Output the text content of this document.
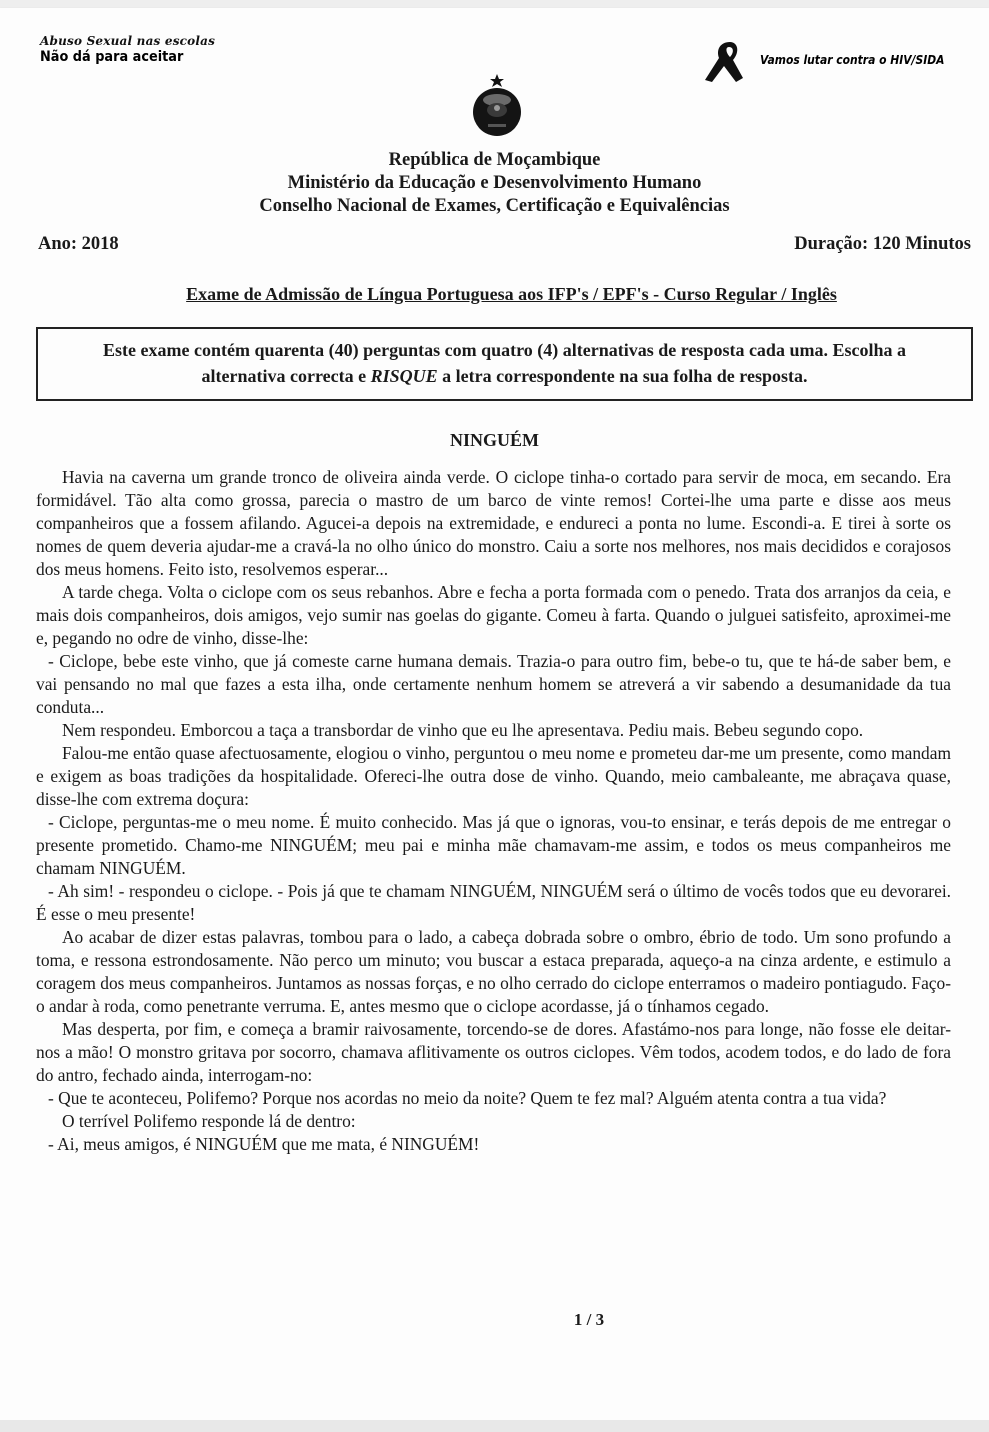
Abuso Sexual nas escolas
Não dá para aceitar	Vamos lutar contra o HIV/SIDA
República de Moçambique
Ministério da Educação e Desenvolvimento Humano
Conselho Nacional de Exames, Certificação e Equivalências
Ano: 2018	Duração: 120 Minutos
Exame de Admissão de Língua Portuguesa aos IFP's / EPF's - Curso Regular / Inglês
Este exame contém quarenta (40) perguntas com quatro (4) alternativas de resposta cada uma. Escolha a
alternativa correcta e RISQUE a letra correspondente na sua folha de resposta.
NINGUÉM

Havia na caverna um grande tronco de oliveira ainda verde. O ciclope tinha-o cortado para servir de moca, em secando. Era formidável. Tão alta como grossa, parecia o mastro de um barco de vinte remos! Cortei-lhe uma parte e disse aos meus companheiros que a fossem afilando. Agucei-a depois na extremidade, e endureci a ponta no lume. Escondi-a. E tirei à sorte os nomes de quem deveria ajudar-me a cravá-la no olho único do monstro. Caiu a sorte nos melhores, nos mais decididos e corajosos dos meus homens. Feito isto, resolvemos esperar...

A tarde chega. Volta o ciclope com os seus rebanhos. Abre e fecha a porta formada com o penedo. Trata dos arranjos da ceia, e mais dois companheiros, dois amigos, vejo sumir nas goelas do gigante. Comeu à farta. Quando o julguei satisfeito, aproximei-me e, pegando no odre de vinho, disse-lhe:

- Ciclope, bebe este vinho, que já comeste carne humana demais. Trazia-o para outro fim, bebe-o tu, que te há-de saber bem, e vai pensando no mal que fazes a esta ilha, onde certamente nenhum homem se atreverá a vir sabendo a desumanidade da tua conduta...

Nem respondeu. Emborcou a taça a transbordar de vinho que eu lhe apresentava. Pediu mais. Bebeu segundo copo.

Falou-me então quase afectuosamente, elogiou o vinho, perguntou o meu nome e prometeu dar-me um presente, como mandam e exigem as boas tradições da hospitalidade. Ofereci-lhe outra dose de vinho. Quando, meio cambaleante, me abraçava quase, disse-lhe com extrema doçura:

- Ciclope, perguntas-me o meu nome. É muito conhecido. Mas já que o ignoras, vou-to ensinar, e terás depois de me entregar o presente prometido. Chamo-me NINGUÉM; meu pai e minha mãe chamavam-me assim, e todos os meus companheiros me chamam NINGUÉM.

- Ah sim! - respondeu o ciclope. - Pois já que te chamam NINGUÉM, NINGUÉM será o último de vocês todos que eu devorarei. É esse o meu presente!

Ao acabar de dizer estas palavras, tombou para o lado, a cabeça dobrada sobre o ombro, ébrio de todo. Um sono profundo a toma, e ressona estrondosamente. Não perco um minuto; vou buscar a estaca preparada, aqueço-a na cinza ardente, e estimulo a coragem dos meus companheiros. Juntamos as nossas forças, e no olho cerrado do ciclope enterramos o madeiro pontiagudo. Faço-o andar à roda, como penetrante verruma. E, antes mesmo que o ciclope acordasse, já o tínhamos cegado.

Mas desperta, por fim, e começa a bramir raivosamente, torcendo-se de dores. Afastámo-nos para longe, não fosse ele deitar-nos a mão! O monstro gritava por socorro, chamava aflitivamente os outros ciclopes. Vêm todos, acodem todos, e do lado de fora do antro, fechado ainda, interrogam-no:

- Que te aconteceu, Polifemo? Porque nos acordas no meio da noite? Quem te fez mal? Alguém atenta contra a tua vida?

O terrível Polifemo responde lá de dentro:

- Ai, meus amigos, é NINGUÉM que me mata, é NINGUÉM!

1 / 3
